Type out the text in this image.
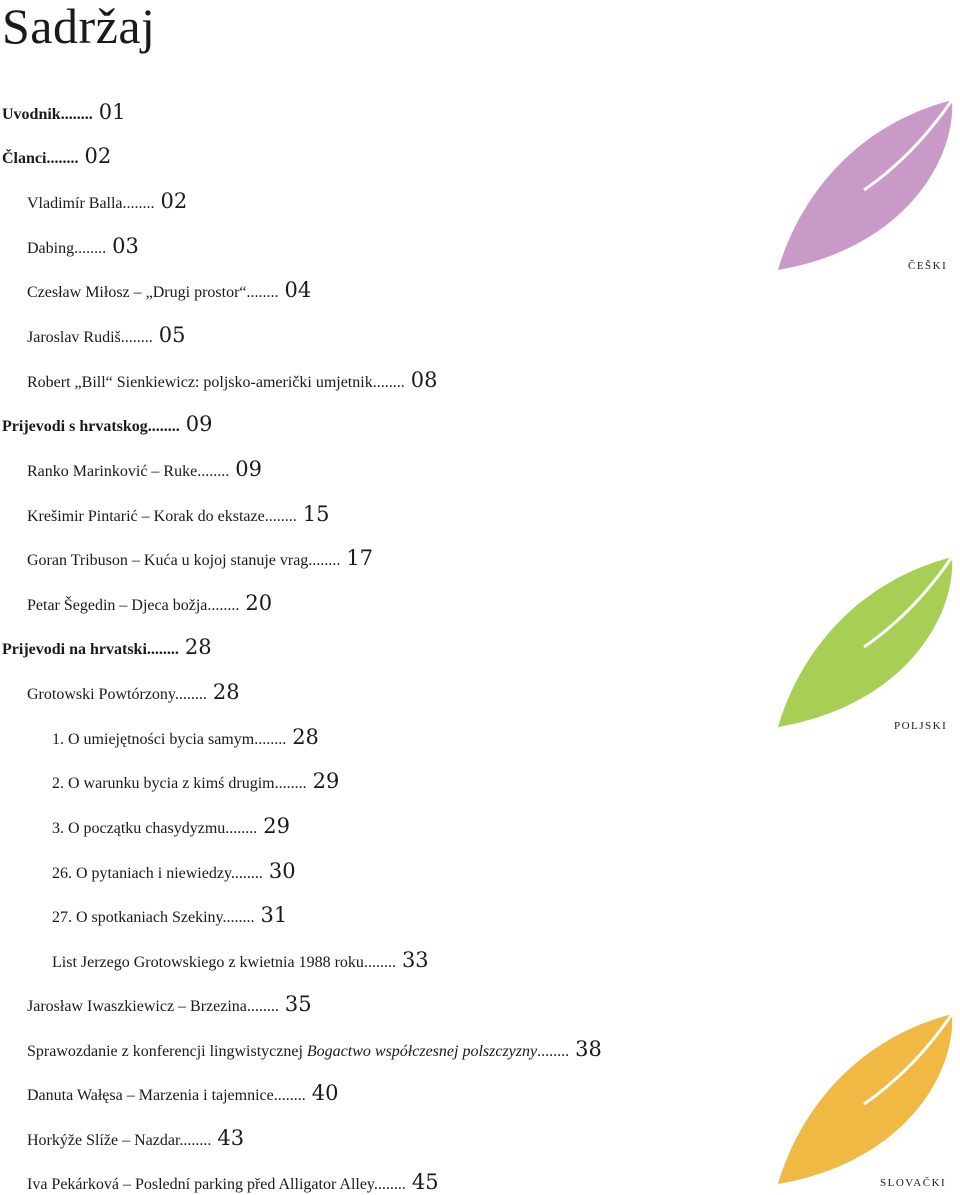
Sadržaj
Uvodnik........ 01
Članci........ 02
Vladimír Balla........ 02
Dabing........ 03
Czesław Miłosz – „Drugi prostor“........ 04
Jaroslav Rudiš........ 05
Robert „Bill“ Sienkiewicz: poljsko-američki umjetnik........ 08
Prijevodi s hrvatskog........ 09
Ranko Marinković – Ruke........ 09
Krešimir Pintarić – Korak do ekstaze........ 15
Goran Tribuson – Kuća u kojoj stanuje vrag........ 17
Petar Šegedin – Djeca božja........ 20
Prijevodi na hrvatski........ 28
Grotowski Powtórzony........ 28
1. O umiejętności bycia samym........ 28
2. O warunku bycia z kimś drugim........ 29
3. O początku chasydyzmu........ 29
26. O pytaniach i niewiedzy........ 30
27. O spotkaniach Szekiny........ 31
List Jerzego Grotowskiego z kwietnia 1988 roku........ 33
Jarosław Iwaszkiewicz – Brzezina........ 35
Sprawozdanie z konferencji lingwistycznej Bogactwo współczesnej polszczyzny........ 38
Danuta Wałęsa – Marzenia i tajemnice........ 40
Horkýže Slíže – Nazdar........ 43
Iva Pekárková – Poslední parking před Alligator Alley........ 45
češki
poljski
slovački
